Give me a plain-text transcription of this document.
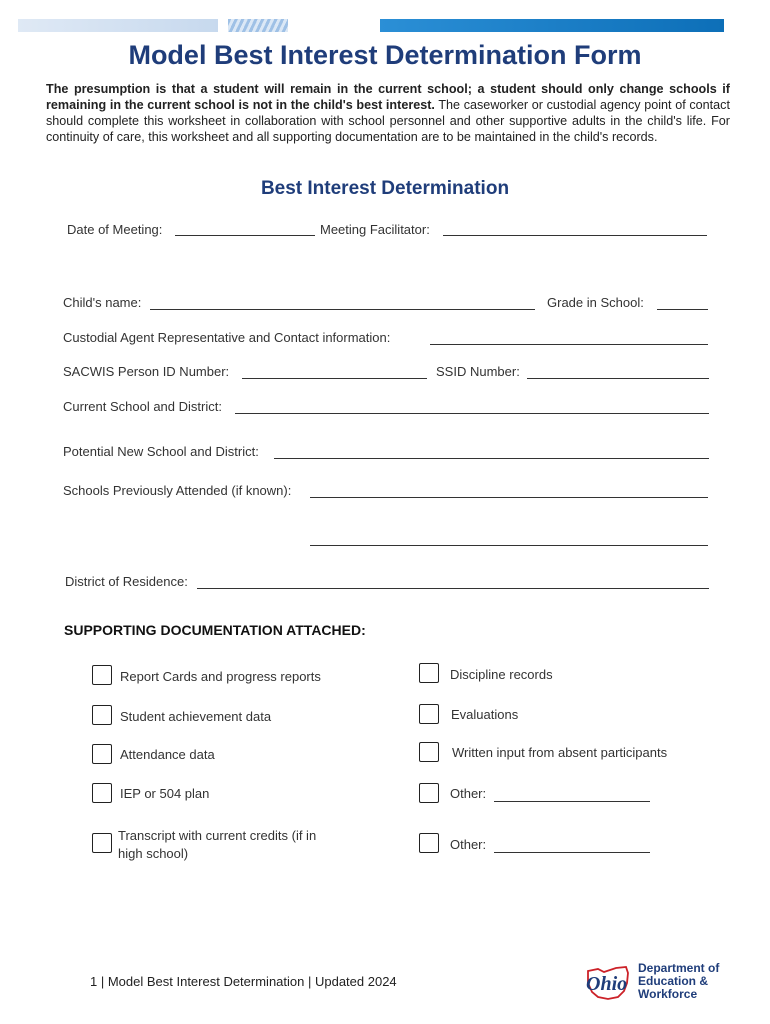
Model Best Interest Determination Form
The presumption is that a student will remain in the current school; a student should only change schools if remaining in the current school is not in the child's best interest. The caseworker or custodial agency point of contact should complete this worksheet in collaboration with school personnel and other supportive adults in the child's life. For continuity of care, this worksheet and all supporting documentation are to be maintained in the child's records.
Best Interest Determination
Date of Meeting:	Meeting Facilitator:
Child's name:	Grade in School:
Custodial Agent Representative and Contact information:
SACWIS Person ID Number:	SSID Number:
Current School and District:
Potential New School and District:
Schools Previously Attended (if known):
District of Residence:
SUPPORTING DOCUMENTATION ATTACHED:
Report Cards and progress reports
Student achievement data
Attendance data
IEP or 504 plan
Transcript with current credits (if in high school)
Discipline records
Evaluations
Written input from absent participants
Other:
Other:
1 | Model Best Interest Determination | Updated 2024	Ohio
Department of
Education &
Workforce
